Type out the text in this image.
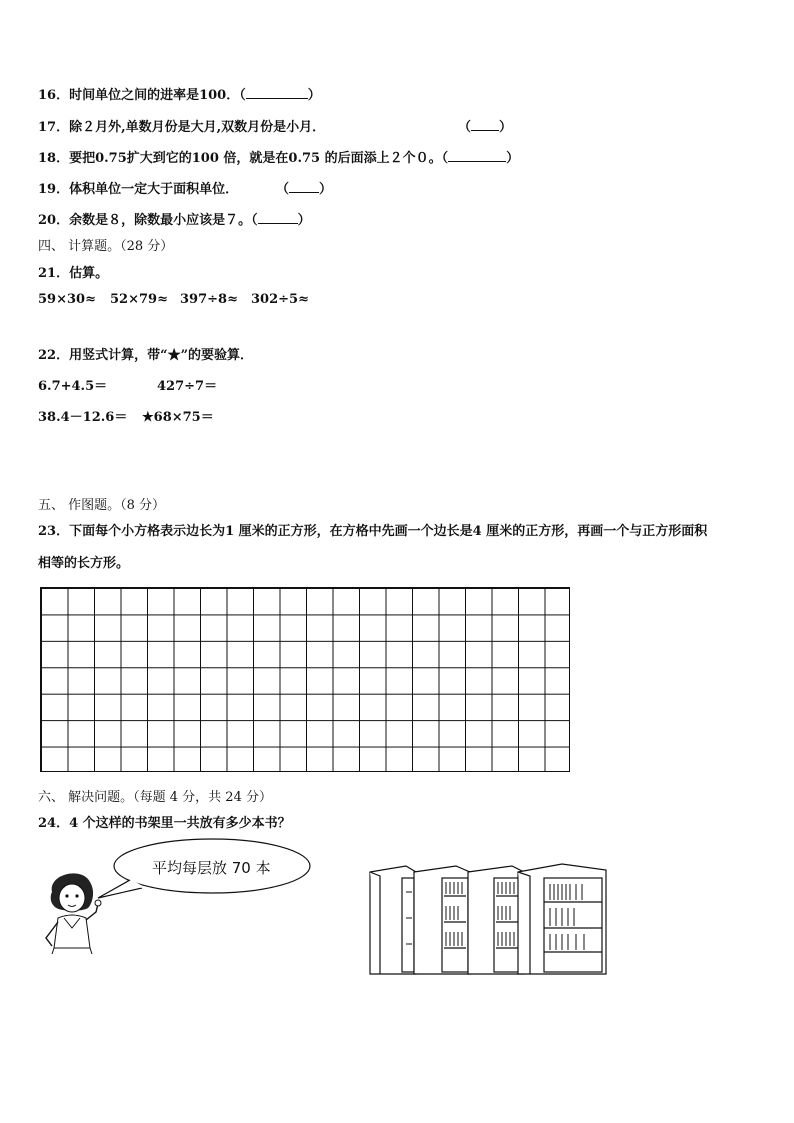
16．时间单位之间的进率是100．（	）
17．除２月外,单数月份是大月,双数月份是小月．	（ ）
18．要把0.75扩大到它的100 倍，就是在0.75 的后面添上２个０。（	）
19．体积单位一定大于面积单位．	（ ）
20．余数是８，除数最小应该是７。（	）
四、 计算题。（28 分）
21．估算。
59×30≈ 52×79≈ 397÷8≈ 302÷5≈
22．用竖式计算，带“★”的要验算．
6.7+4.5＝	427÷7＝
38.4－12.6＝ ★68×75＝
五、 作图题。（8 分）
23．下面每个小方格表示边长为1 厘米的正方形，在方格中先画一个边长是4 厘米的正方形，再画一个与正方形面积
相等的长方形。
六、 解决问题。（每题 4 分，共 24 分）
24．4 个这样的书架里一共放有多少本书？
平均每层放 70 本
